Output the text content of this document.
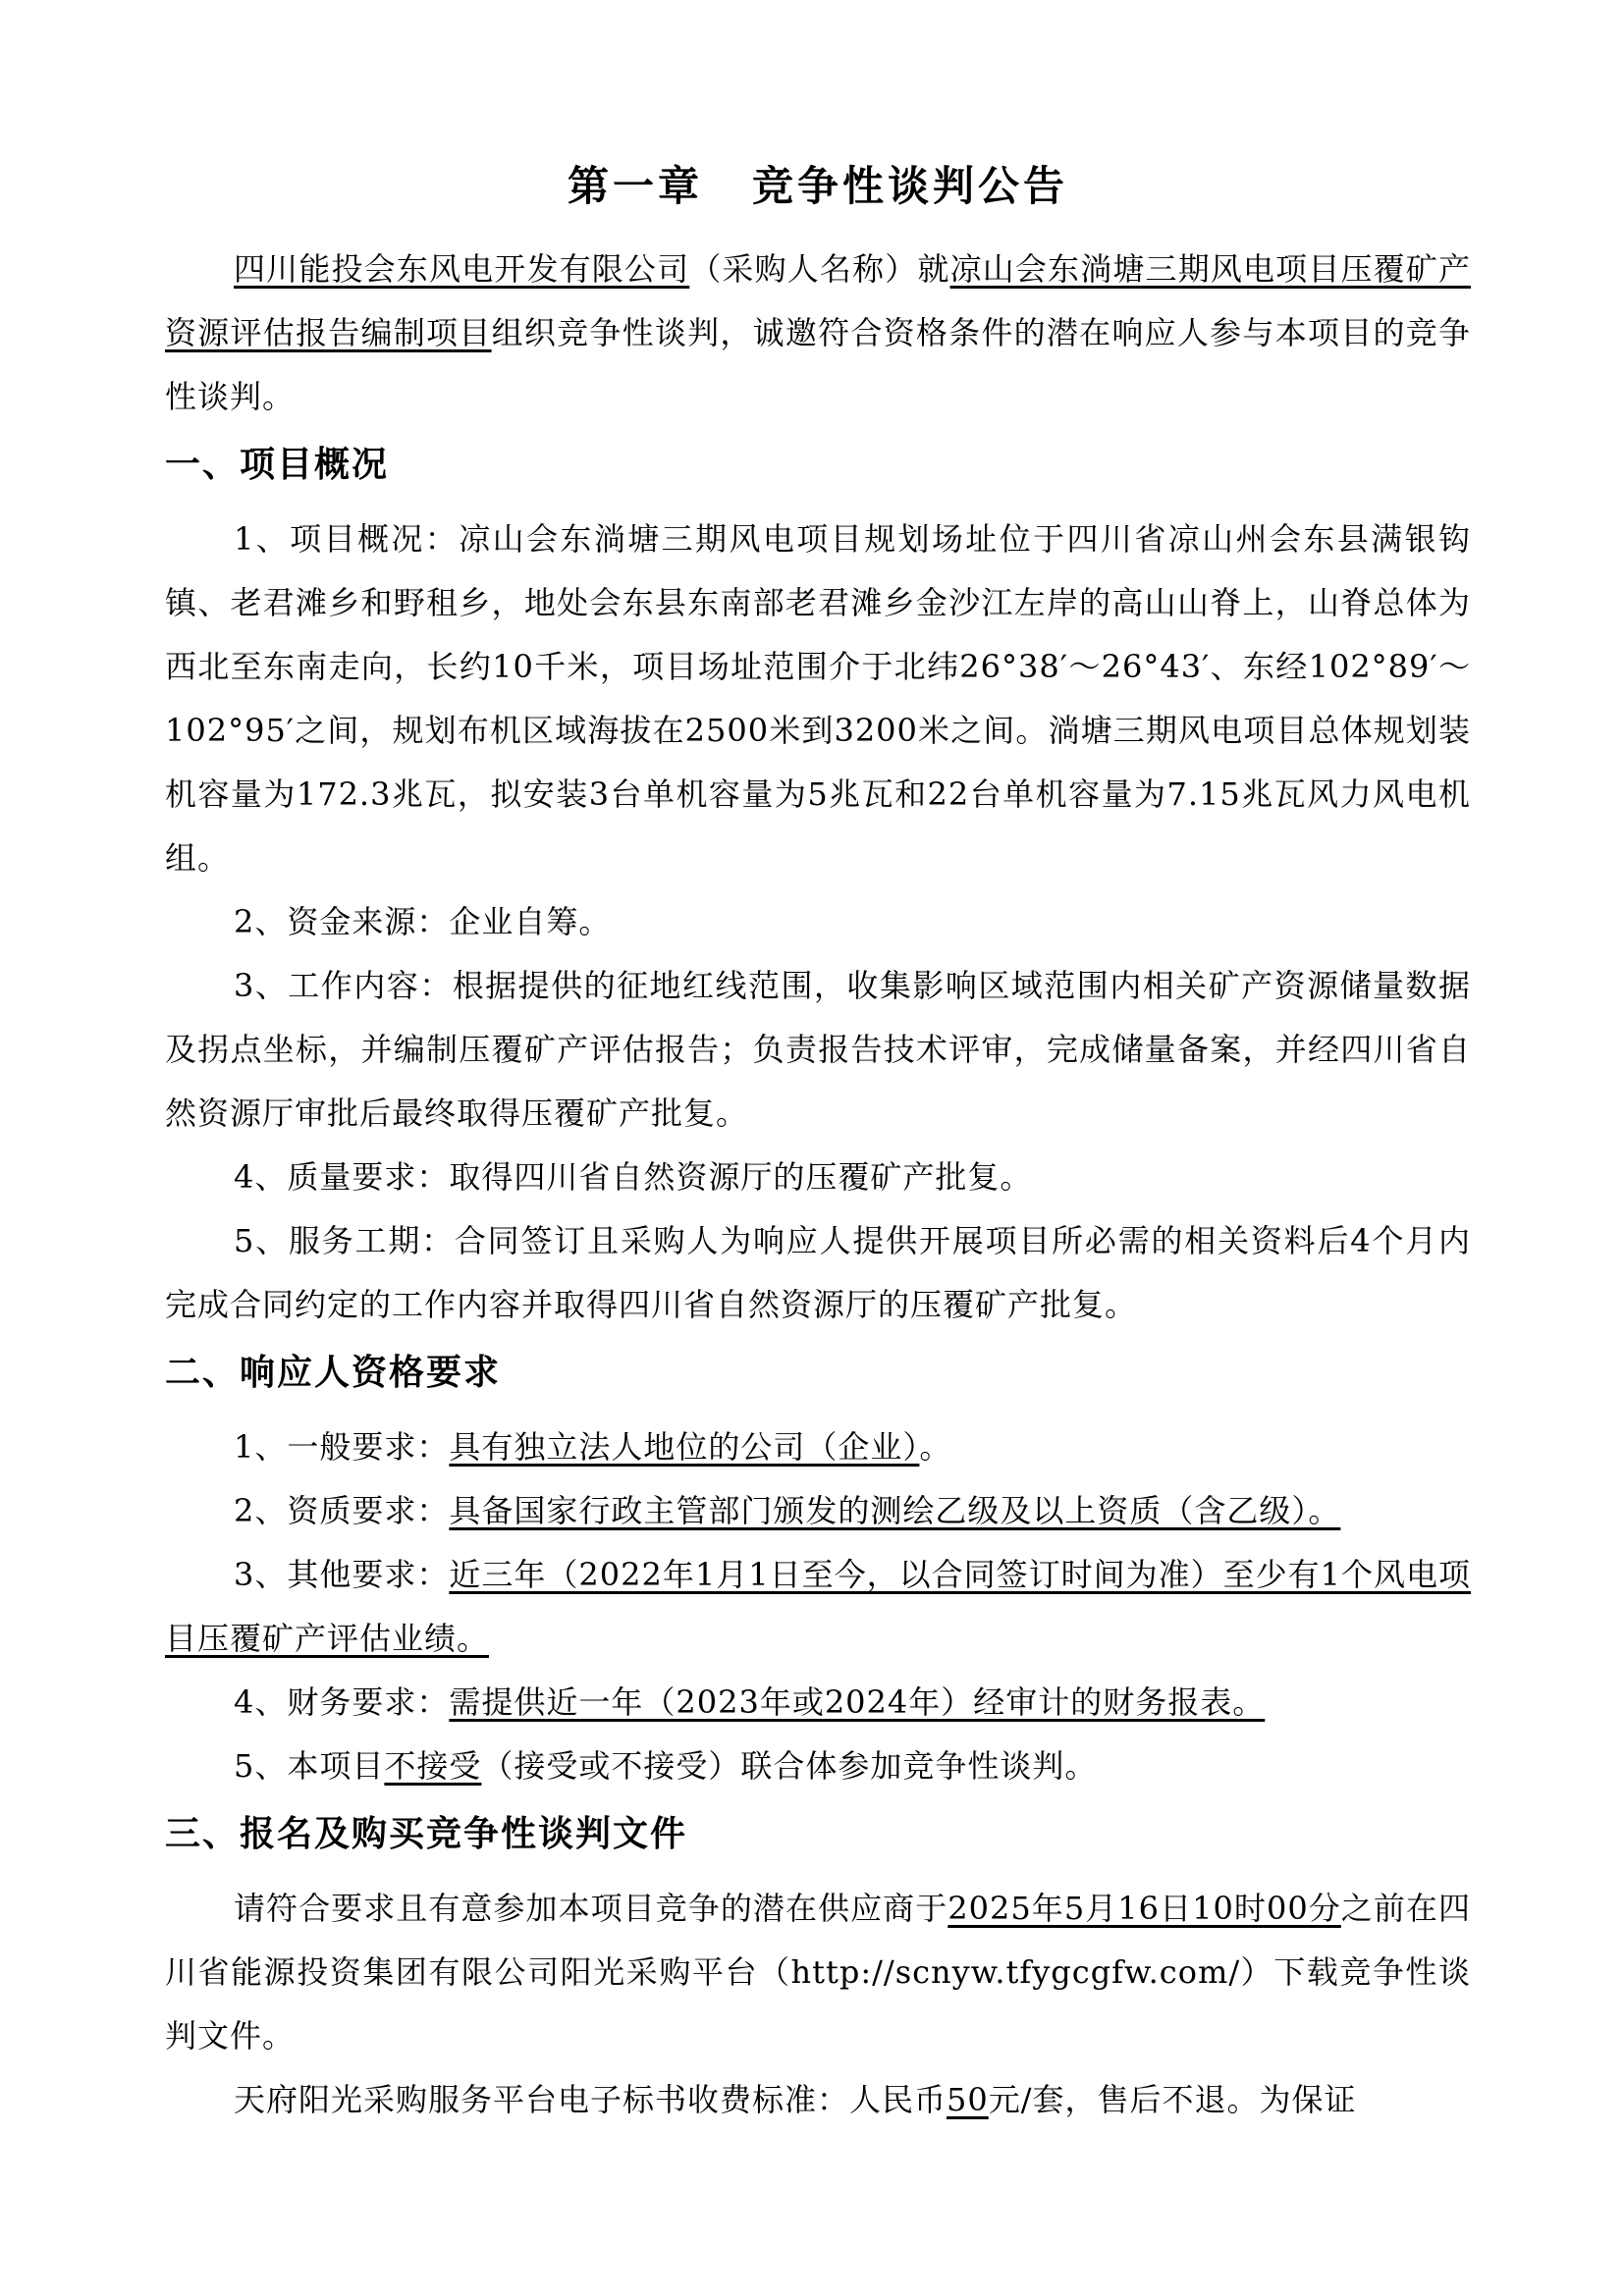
第一章 竞争性谈判公告

四川能投会东风电开发有限公司（采购人名称）就凉山会东淌塘三期风电项目压覆矿产资源评估报告编制项目组织竞争性谈判，诚邀符合资格条件的潜在响应人参与本项目的竞争性谈判。

一、项目概况

1、项目概况：凉山会东淌塘三期风电项目规划场址位于四川省凉山州会东县满银钩镇、老君滩乡和野租乡，地处会东县东南部老君滩乡金沙江左岸的高山山脊上，山脊总体为西北至东南走向，长约10千米，项目场址范围介于北纬26°38′～26°43′、东经102°89′～102°95′之间，规划布机区域海拔在2500米到3200米之间。淌塘三期风电项目总体规划装机容量为172.3兆瓦，拟安装3台单机容量为5兆瓦和22台单机容量为7.15兆瓦风力风电机组。

2、资金来源：企业自筹。

3、工作内容：根据提供的征地红线范围，收集影响区域范围内相关矿产资源储量数据及拐点坐标，并编制压覆矿产评估报告；负责报告技术评审，完成储量备案，并经四川省自然资源厅审批后最终取得压覆矿产批复。

4、质量要求：取得四川省自然资源厅的压覆矿产批复。

5、服务工期：合同签订且采购人为响应人提供开展项目所必需的相关资料后4个月内完成合同约定的工作内容并取得四川省自然资源厅的压覆矿产批复。

二、响应人资格要求

1、一般要求：具有独立法人地位的公司（企业）。

2、资质要求：具备国家行政主管部门颁发的测绘乙级及以上资质（含乙级）。

3、其他要求：近三年（2022年1月1日至今，以合同签订时间为准）至少有1个风电项目压覆矿产评估业绩。

4、财务要求：需提供近一年（2023年或2024年）经审计的财务报表。

5、本项目不接受（接受或不接受）联合体参加竞争性谈判。

三、报名及购买竞争性谈判文件

请符合要求且有意参加本项目竞争的潜在供应商于2025年5月16日10时00分之前在四川省能源投资集团有限公司阳光采购平台（http://scnyw.tfygcgfw.com/）下载竞争性谈判文件。

天府阳光采购服务平台电子标书收费标准：人民币50元/套，售后不退。为保证
